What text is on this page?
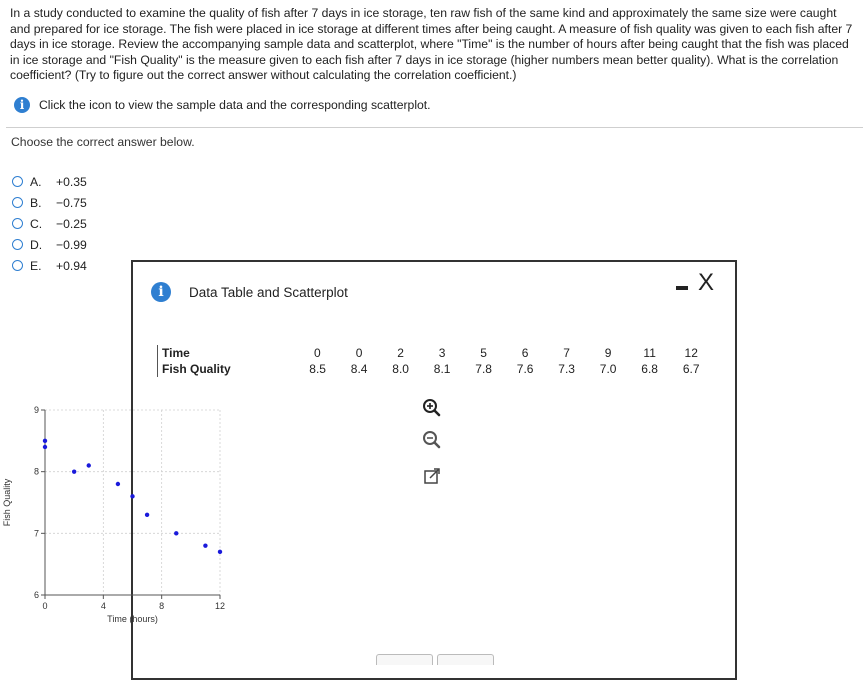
In a study conducted to examine the quality of fish after 7 days in ice storage, ten raw fish of the same kind and approximately the same size were caught and prepared for ice storage. The fish were placed in ice storage at different times after being caught. A measure of fish quality was given to each fish after 7 days in ice storage. Review the accompanying sample data and scatterplot, where "Time" is the number of hours after being caught that the fish was placed in ice storage and "Fish Quality" is the measure given to each fish after 7 days in ice storage (higher numbers mean better quality). What is the correlation coefficient? (Try to figure out the correct answer without calculating the correlation coefficient.)
i	Click the icon to view the sample data and the corresponding scatterplot.
Choose the correct answer below.
A.	+0.35
B.	−0.75
C.	−0.25
D.	−0.99
E.	+0.94
i	Data Table and Scatterplot	X
Time	0	0	2	3	5	6	7	9	11	12
Fish Quality	8.5	8.4	8.0	8.1	7.8	7.6	7.3	7.0	6.8	6.7
0	4	8	12
6
7
8
9
Time (hours)
Fish Quality
